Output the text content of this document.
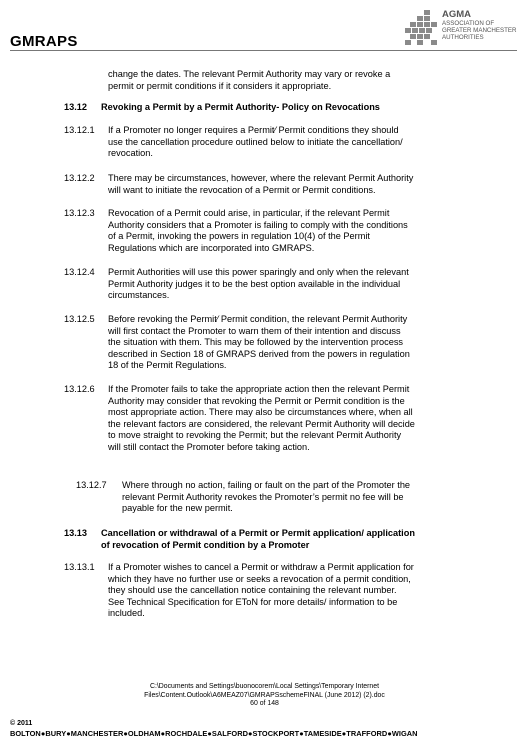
GMRAPS
AGMA
ASSOCIATION OF
GREATER MANCHESTER
AUTHORITIES
change the dates. The relevant Permit Authority may vary or revoke a
permit or permit conditions if it considers it appropriate.
13.12 Revoking a Permit by a Permit Authority- Policy on Revocations
13.12.1 If a Promoter no longer requires a Permit⁄ Permit conditions they should
use the cancellation procedure outlined below to initiate the cancellation/
revocation.
13.12.2 There may be circumstances, however, where the relevant Permit Authority
will want to initiate the revocation of a Permit or Permit conditions.
13.12.3 Revocation of a Permit could arise, in particular, if the relevant Permit
Authority considers that a Promoter is failing to comply with the conditions
of a Permit, invoking the powers in regulation 10(4) of the Permit
Regulations which are incorporated into GMRAPS.
13.12.4 Permit Authorities will use this power sparingly and only when the relevant
Permit Authority judges it to be the best option available in the individual
circumstances.
13.12.5 Before revoking the Permit⁄ Permit condition, the relevant Permit Authority
will first contact the Promoter to warn them of their intention and discuss
the situation with them. This may be followed by the intervention process
described in Section 18 of GMRAPS derived from the powers in regulation
18 of the Permit Regulations.
13.12.6 If the Promoter fails to take the appropriate action then the relevant Permit
Authority may consider that revoking the Permit or Permit condition is the
most appropriate action. There may also be circumstances where, when all
the relevant factors are considered, the relevant Permit Authority will decide
to move straight to revoking the Permit; but the relevant Permit Authority
will still contact the Promoter before taking action.
13.12.7 Where through no action, failing or fault on the part of the Promoter the
relevant Permit Authority revokes the Promoter’s permit no fee will be
payable for the new permit.
13.13 Cancellation or withdrawal of a Permit or Permit application/ application
of revocation of Permit condition by a Promoter
13.13.1 If a Promoter wishes to cancel a Permit or withdraw a Permit application for
which they have no further use or seeks a revocation of a permit condition,
they should use the cancellation notice containing the relevant number.
See Technical Specification for EToN for more details/ information to be
included.
C:\Documents and Settings\buonocorem\Local Settings\Temporary Internet
Files\Content.Outlook\A6MEAZ07\GMRAPSschemeFINAL (June 2012) (2).doc
60 of 148
© 2011
BOLTON●BURY●MANCHESTER●OLDHAM●ROCHDALE●SALFORD●STOCKPORT●TAMESIDE●TRAFFORD●WIGAN
